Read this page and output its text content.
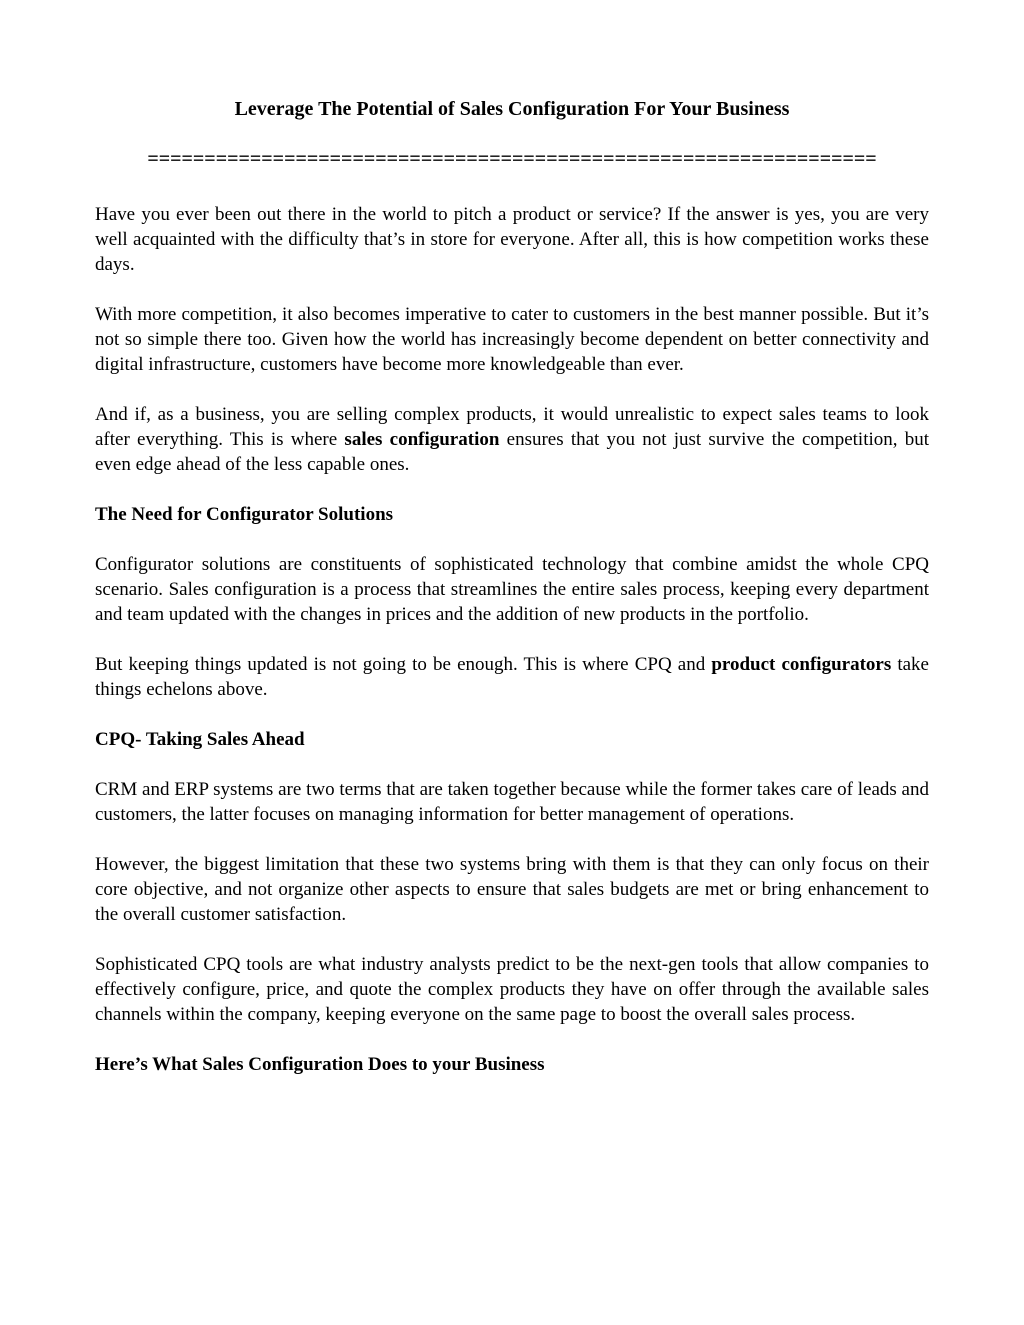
Leverage The Potential of Sales Configuration For Your Business
================================================================

Have you ever been out there in the world to pitch a product or service? If the answer is yes, you are very well acquainted with the difficulty that’s in store for everyone. After all, this is how competition works these days.

With more competition, it also becomes imperative to cater to customers in the best manner possible. But it’s not so simple there too. Given how the world has increasingly become dependent on better connectivity and digital infrastructure, customers have become more knowledgeable than ever.

And if, as a business, you are selling complex products, it would unrealistic to expect sales teams to look after everything. This is where sales configuration ensures that you not just survive the competition, but even edge ahead of the less capable ones.

The Need for Configurator Solutions

Configurator solutions are constituents of sophisticated technology that combine amidst the whole CPQ scenario. Sales configuration is a process that streamlines the entire sales process, keeping every department and team updated with the changes in prices and the addition of new products in the portfolio.

But keeping things updated is not going to be enough. This is where CPQ and product configurators take things echelons above.

CPQ- Taking Sales Ahead

CRM and ERP systems are two terms that are taken together because while the former takes care of leads and customers, the latter focuses on managing information for better management of operations.

However, the biggest limitation that these two systems bring with them is that they can only focus on their core objective, and not organize other aspects to ensure that sales budgets are met or bring enhancement to the overall customer satisfaction.

Sophisticated CPQ tools are what industry analysts predict to be the next-gen tools that allow companies to effectively configure, price, and quote the complex products they have on offer through the available sales channels within the company, keeping everyone on the same page to boost the overall sales process.

Here’s What Sales Configuration Does to your Business
